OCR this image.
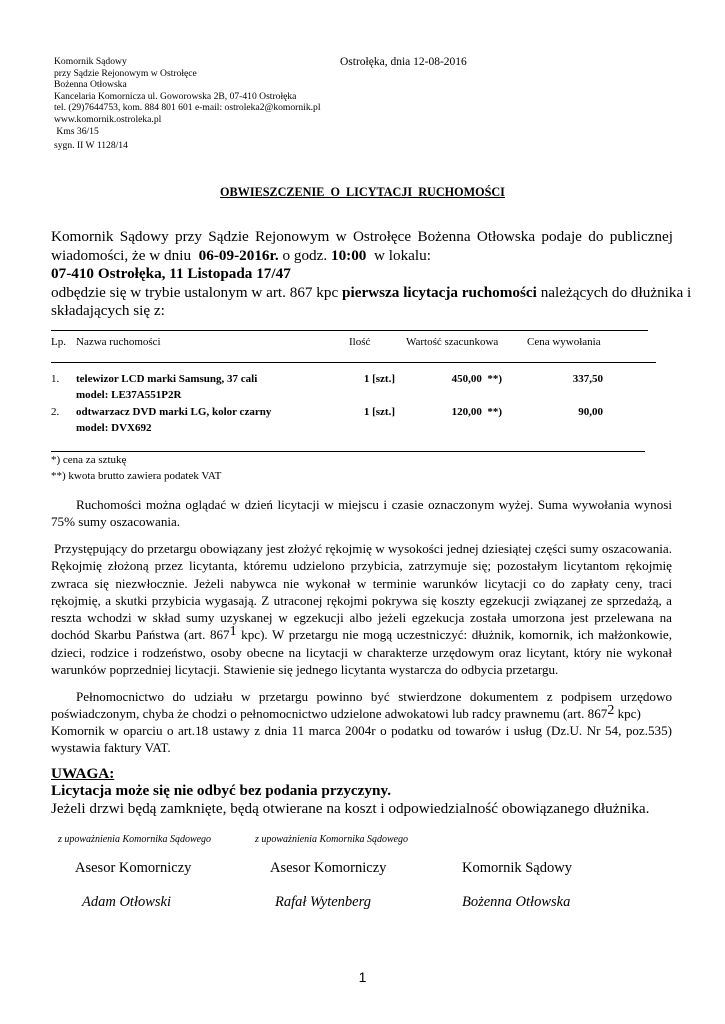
Komornik Sądowy
przy Sądzie Rejonowym w Ostrołęce
Bożenna Otłowska
Kancelaria Komornicza ul. Goworowska 2B, 07-410 Ostrołęka
tel. (29)7644753, kom. 884 801 601 e-mail: ostroleka2@komornik.pl
www.komornik.ostroleka.pl
Kms 36/15
sygn. II W 1128/14
Ostrołęka, dnia 12-08-2016
OBWIESZCZENIE  O  LICYTACJI  RUCHOMOŚCI
Komornik Sądowy przy Sądzie Rejonowym w Ostrołęce Bożenna Otłowska podaje do publicznej
wiadomości, że w dniu  06-09-2016r. o godz. 10:00  w lokalu:
07-410 Ostrołęka, 11 Listopada 17/47
odbędzie się w trybie ustalonym w art. 867 kpc pierwsza licytacja ruchomości należących do dłużnika i
składających się z:
Lp. Nazwa ruchomości	Ilość	Wartość szacunkowa	Cena wywołania
1. telewizor LCD marki Samsung, 37 cali
model: LE37A551P2R
1 [szt.]	450,00  **)	337,50
2. odtwarzacz DVD marki LG, kolor czarny
model: DVX692
1 [szt.]	120,00  **)	90,00
*) cena za sztukę
**) kwota brutto zawiera podatek VAT
Ruchomości można oglądać w dzień licytacji w miejscu i czasie oznaczonym wyżej. Suma wywołania wynosi 75% sumy oszacowania.
Przystępujący do przetargu obowiązany jest złożyć rękojmię w wysokości jednej dziesiątej części sumy oszacowania. Rękojmię złożoną przez licytanta, któremu udzielono przybicia, zatrzymuje się; pozostałym licytantom rękojmię zwraca się niezwłocznie. Jeżeli nabywca nie wykonał w terminie warunków licytacji co do zapłaty ceny, traci rękojmię, a skutki przybicia wygasają. Z utraconej rękojmi pokrywa się koszty egzekucji związanej ze sprzedażą, a reszta wchodzi w skład sumy uzyskanej w egzekucji albo jeżeli egzekucja została umorzona jest przelewana na dochód Skarbu Państwa (art. $867^1$ kpc). W przetargu nie mogą uczestniczyć: dłużnik, komornik, ich małżonkowie, dzieci, rodzice i rodzeństwo, osoby obecne na licytacji w charakterze urzędowym oraz licytant, który nie wykonał warunków poprzedniej licytacji. Stawienie się jednego licytanta wystarcza do odbycia przetargu.
Pełnomocnictwo do udziału w przetargu powinno być stwierdzone dokumentem z podpisem urzędowo poświadczonym, chyba że chodzi o pełnomocnictwo udzielone adwokatowi lub radcy prawnemu (art. $867^2$ kpc)
Komornik w oparciu o art.18 ustawy z dnia 11 marca 2004r o podatku od towarów i usług (Dz.U. Nr 54, poz.535) wystawia faktury VAT.
UWAGA:
Licytacja może się nie odbyć bez podania przyczyny.
Jeżeli drzwi będą zamknięte, będą otwierane na koszt i odpowiedzialność obowiązanego dłużnika.
z upoważnienia Komornika Sądowego	z upoważnienia Komornika Sądowego
Asesor Komorniczy	Asesor Komorniczy	Komornik Sądowy
Adam Otłowski	Rafał Wytenberg	Bożenna Otłowska
1
